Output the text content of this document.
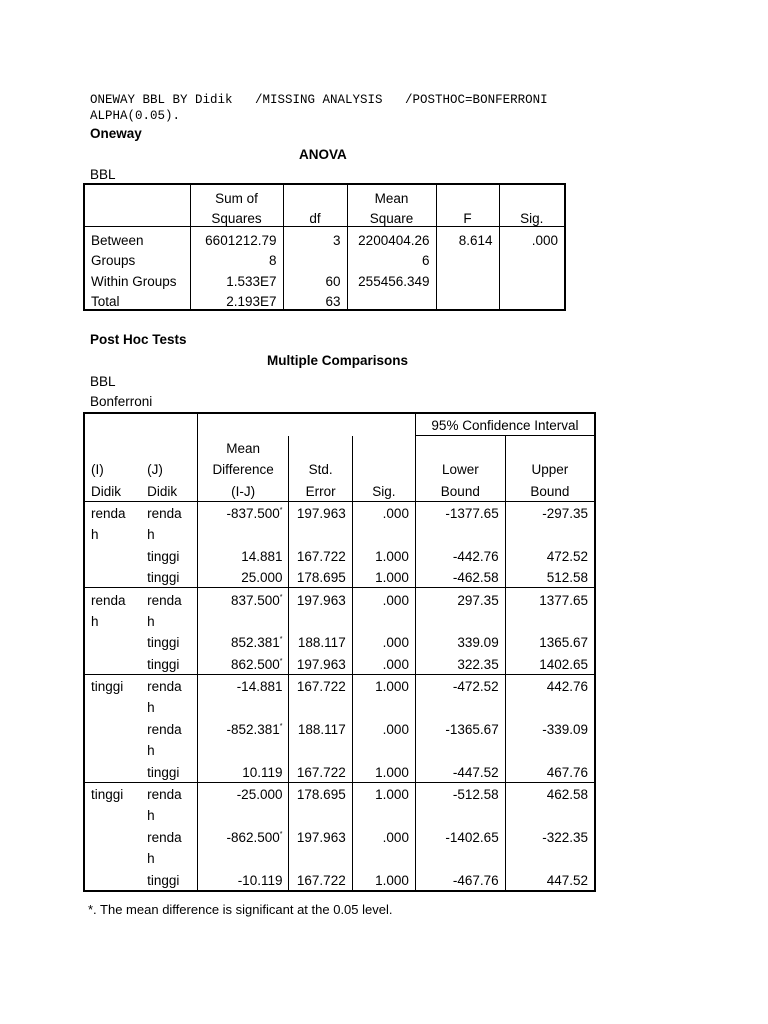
ONEWAY BBL BY Didik   /MISSING ANALYSIS   /POSTHOC=BONFERRONI
ALPHA(0.05).
Oneway
ANOVA
BBL
	Sum of		Mean		
	Squares	df	Square	F	Sig.
Between	6601212.79	3	2200404.26	8.614	.000
Groups	8		6		
Within Groups	1.533E7	60	255456.349		
Total	2.193E7	63			
Post Hoc Tests
Multiple Comparisons
BBL
Bonferroni
					95% Confidence Interval	
		Mean				
(I)	(J)	Difference	Std.		Lower	Upper
Didik	Didik	(I-J)	Error	Sig.	Bound	Bound
renda	renda	-837.500*	197.963	.000	-1377.65	-297.35
h	h					
	tinggi	14.881	167.722	1.000	-442.76	472.52
	tinggi	25.000	178.695	1.000	-462.58	512.58
renda	renda	837.500*	197.963	.000	297.35	1377.65
h	h					
	tinggi	852.381*	188.117	.000	339.09	1365.67
	tinggi	862.500*	197.963	.000	322.35	1402.65
tinggi	renda	-14.881	167.722	1.000	-472.52	442.76
	h					
	renda	-852.381*	188.117	.000	-1365.67	-339.09
	h					
	tinggi	10.119	167.722	1.000	-447.52	467.76
tinggi	renda	-25.000	178.695	1.000	-512.58	462.58
	h					
	renda	-862.500*	197.963	.000	-1402.65	-322.35
	h					
	tinggi	-10.119	167.722	1.000	-467.76	447.52
*. The mean difference is significant at the 0.05 level.
